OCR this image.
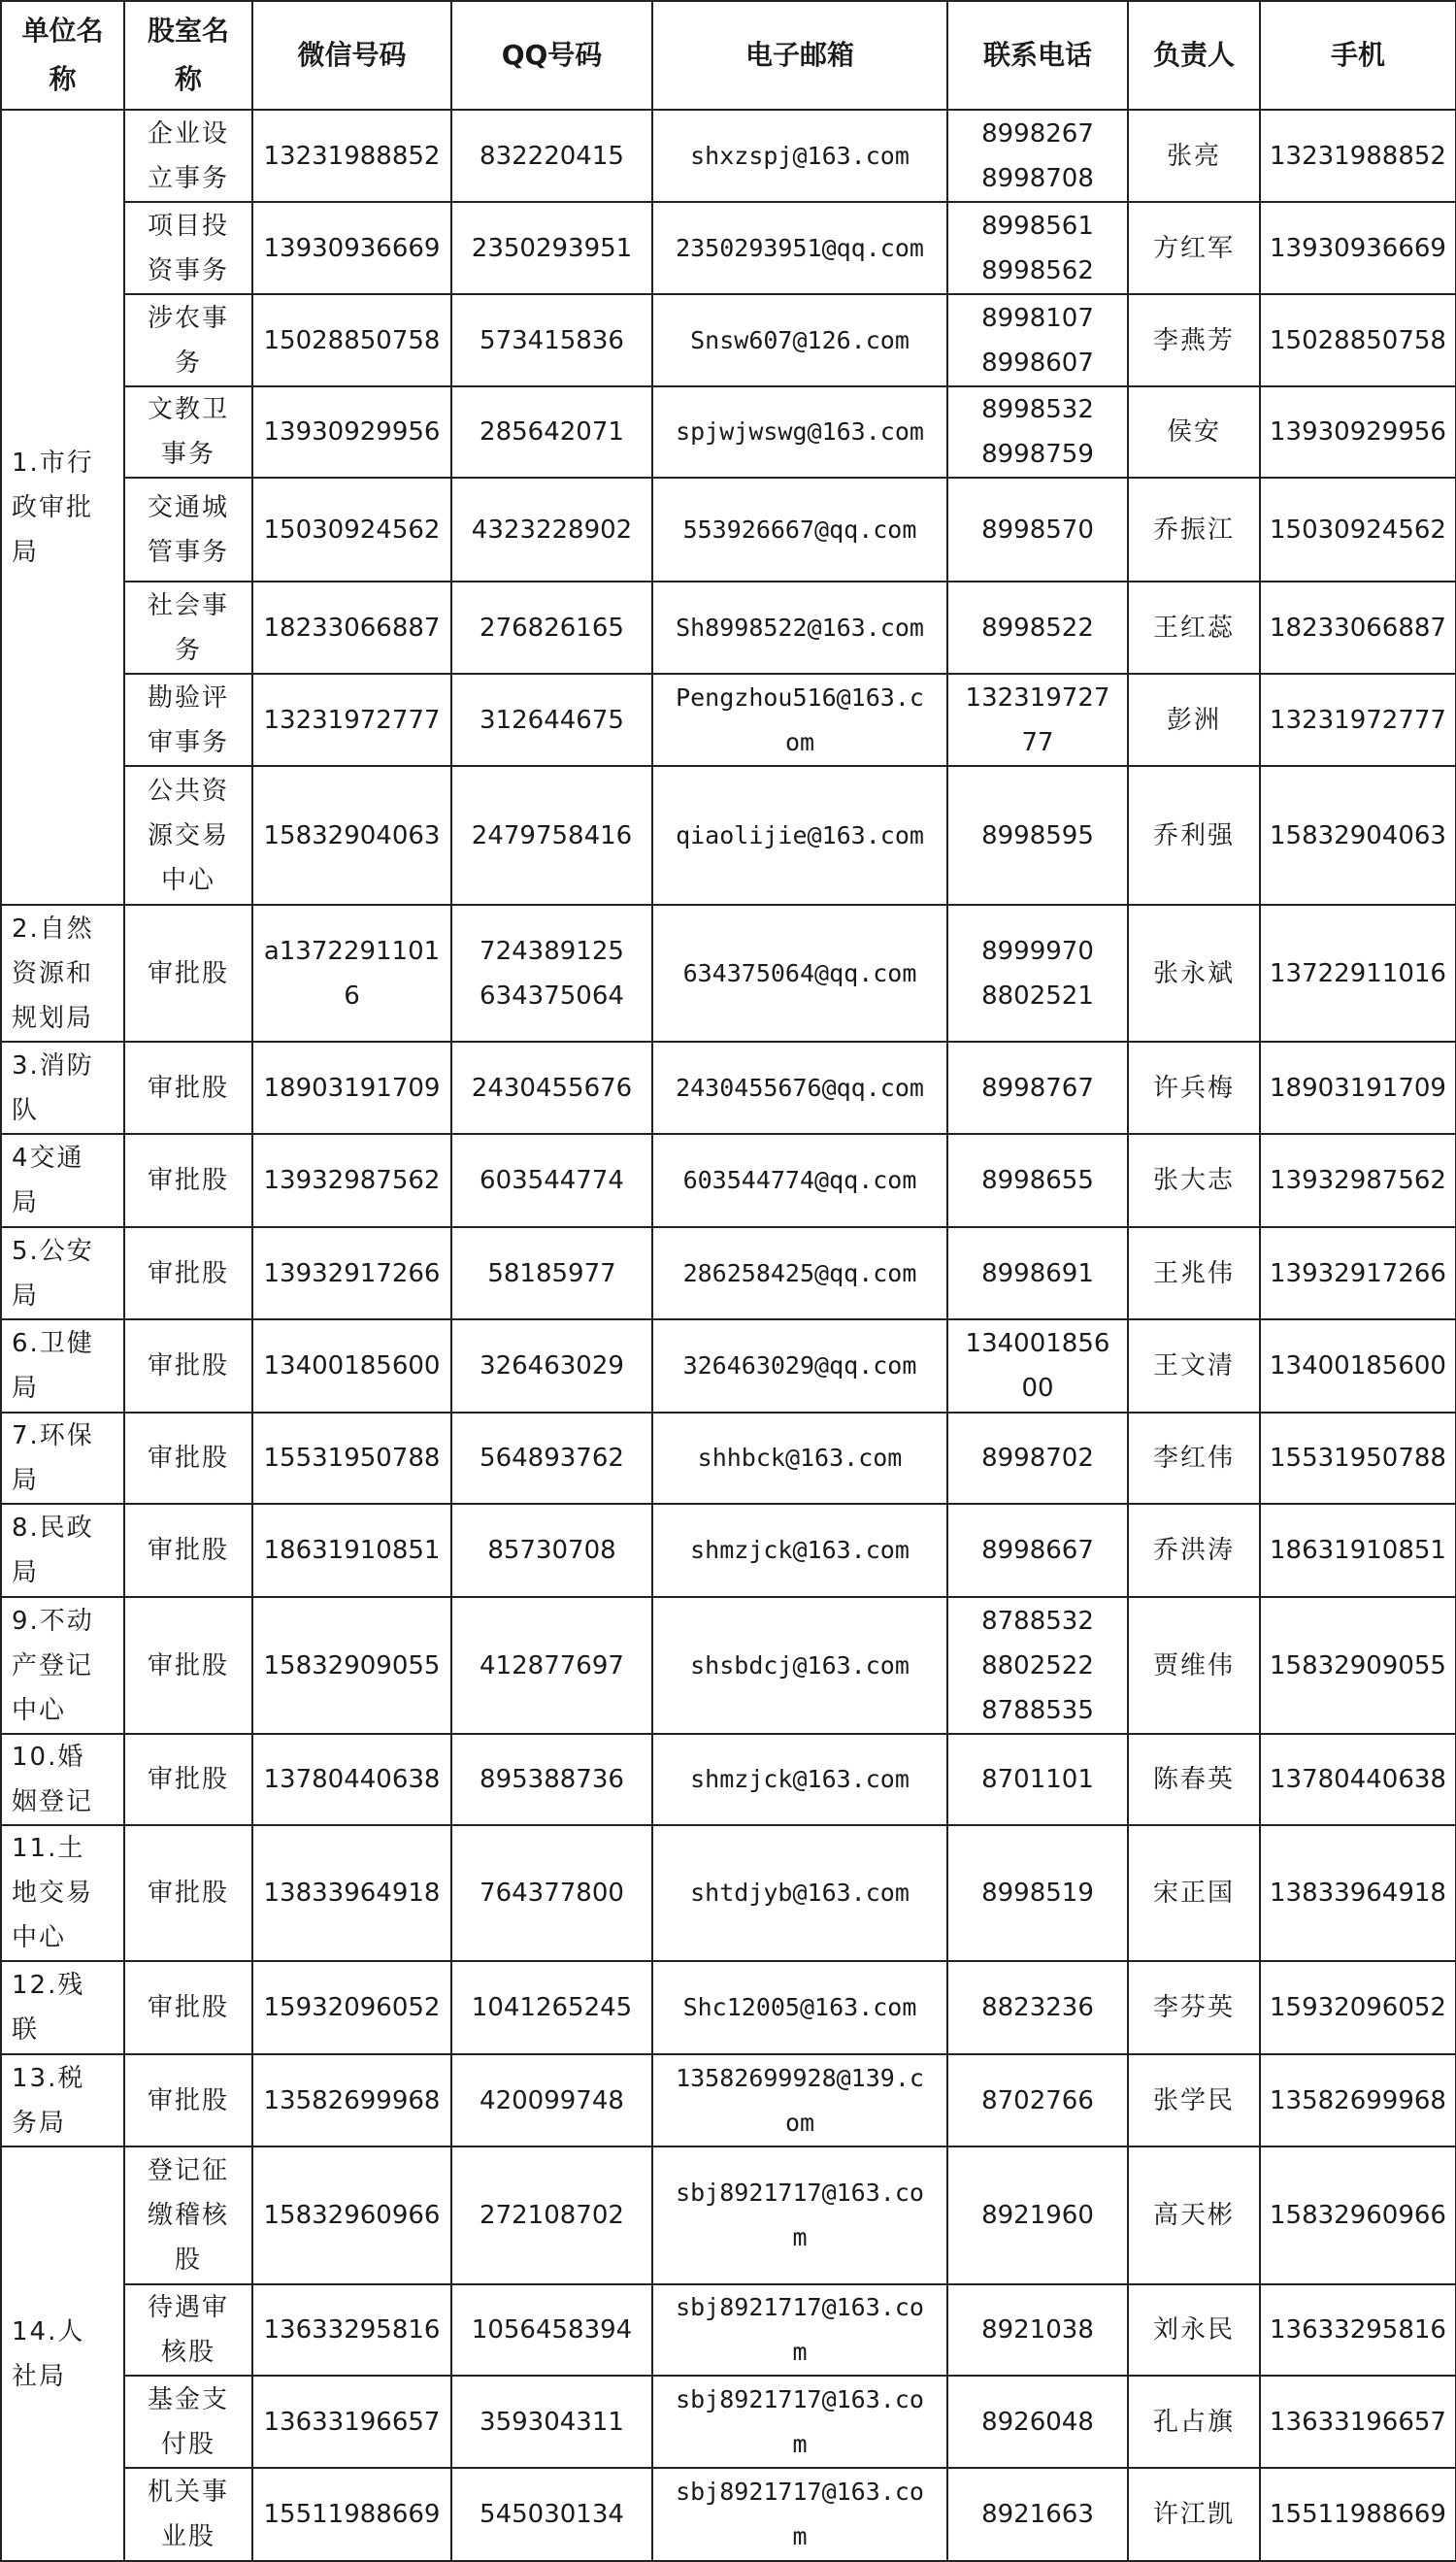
单位名
称	股室名
称	微信号码	QQ号码	电子邮箱	联系电话	负责人	手机
1.市行
政审批
局	企业设
立事务	13231988852	832220415	shxzspj@163.com	8998267
8998708	张亮	13231988852
	项目投
资事务	13930936669	2350293951	2350293951@qq.com	8998561
8998562	方红军	13930936669
	涉农事
务	15028850758	573415836	Snsw607@126.com	8998107
8998607	李燕芳	15028850758
	文教卫
事务	13930929956	285642071	spjwjwswg@163.com	8998532
8998759	侯安	13930929956
	交通城
管事务	15030924562	4323228902	553926667@qq.com	8998570	乔振江	15030924562
	社会事
务	18233066887	276826165	Sh8998522@163.com	8998522	王红蕊	18233066887
	勘验评
审事务	13231972777	312644675	Pengzhou516@163.c
om	132319727
77	彭洲	13231972777
	公共资
源交易
中心	15832904063	2479758416	qiaolijie@163.com	8998595	乔利强	15832904063
2.自然
资源和
规划局	审批股	a1372291101
6	724389125
634375064	634375064@qq.com	8999970
8802521	张永斌	13722911016
3.消防
队	审批股	18903191709	2430455676	2430455676@qq.com	8998767	许兵梅	18903191709
4交通
局	审批股	13932987562	603544774	603544774@qq.com	8998655	张大志	13932987562
5.公安
局	审批股	13932917266	58185977	286258425@qq.com	8998691	王兆伟	13932917266
6.卫健
局	审批股	13400185600	326463029	326463029@qq.com	134001856
00	王文清	13400185600
7.环保
局	审批股	15531950788	564893762	shhbck@163.com	8998702	李红伟	15531950788
8.民政
局	审批股	18631910851	85730708	shmzjck@163.com	8998667	乔洪涛	18631910851
9.不动
产登记
中心	审批股	15832909055	412877697	shsbdcj@163.com	8788532
8802522
8788535	贾维伟	15832909055
10.婚
姻登记	审批股	13780440638	895388736	shmzjck@163.com	8701101	陈春英	13780440638
11.土
地交易
中心	审批股	13833964918	764377800	shtdjyb@163.com	8998519	宋正国	13833964918
12.残
联	审批股	15932096052	1041265245	Shc12005@163.com	8823236	李芬英	15932096052
13.税
务局	审批股	13582699968	420099748	13582699928@139.c
om	8702766	张学民	13582699968
14.人
社局	登记征
缴稽核
股	15832960966	272108702	sbj8921717@163.co
m	8921960	高天彬	15832960966
	待遇审
核股	13633295816	1056458394	sbj8921717@163.co
m	8921038	刘永民	13633295816
	基金支
付股	13633196657	359304311	sbj8921717@163.co
m	8926048	孔占旗	13633196657
	机关事
业股	15511988669	545030134	sbj8921717@163.co
m	8921663	许江凯	15511988669
